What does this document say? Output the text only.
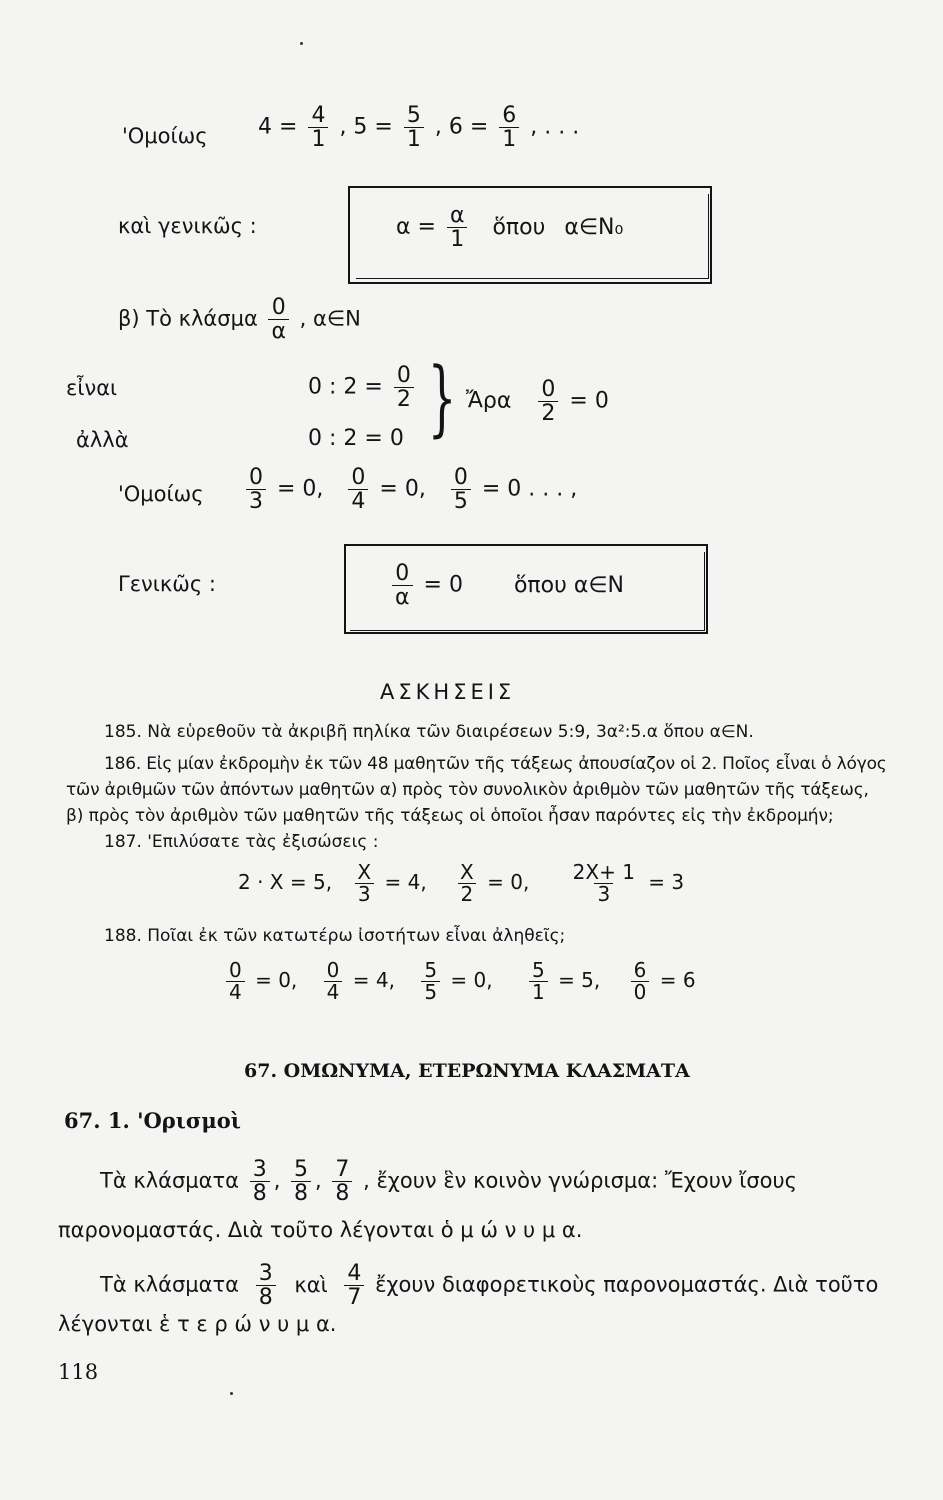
'Ομοίως $4 = \frac{4}{1}$ , $5 = \frac{5}{1}$ , $6 = \frac{6}{1}$ , . . .
καὶ γενικῶς :	$\alpha = \frac{\alpha}{1}$ ὅπου α∈N₀
β) Τὸ κλάσμα $\frac{0}{\alpha}$ , α∈N
εἶναι	0 : $2 = \frac{0}{2}$
ἀλλὰ	0 : 2 = 0 } Ἄρα $\frac{0}{2} = 0$
'$O\mu oί\omega\varsigma \frac{0}{3} = 0$, $\frac{0}{4} = 0$, $\frac{0}{5} = 0$ . . . ,
Γενικῶς :	$\frac{0}{\alpha} = 0$ ὅπου α∈N
ΑΣΚΗΣΕΙΣ
185. Νὰ εὑρεθοῦν τὰ ἀκριβῆ πηλίκα τῶν διαιρέσεων 5:9, 3α²:5.α ὅπου α∈N.
186. Εἰς μίαν ἐκδρομὴν ἐκ τῶν 48 μαθητῶν τῆς τάξεως ἀπουσίαζον οἱ 2. Ποῖος εἶναι ὁ λόγος
τῶν ἀριθμῶν τῶν ἀπόντων μαθητῶν α) πρὸς τὸν συνολικὸν ἀριθμὸν τῶν μαθητῶν τῆς τάξεως,
β) πρὸς τὸν ἀριθμὸν τῶν μαθητῶν τῆς τάξεως οἱ ὁποῖοι ἦσαν παρόντες εἰς τὴν ἐκδρομήν;
187. 'Επιλύσατε τὰς ἐξισώσεις :
2 · X = 5, $\frac{X}{3} = 4$, $\frac{X}{2} = 0$, $\frac{2X+ 1}{3} = 3$
188. Ποῖαι ἐκ τῶν κατωτέρω ἰσοτήτων εἶναι ἀληθεῖς;
$\frac{0}{4} = 0$, $\frac{0}{4} = 4$, $\frac{5}{5} = 0$, $\frac{5}{1} = 5$, $\frac{6}{0} = 6$
67. ΟΜΩΝΥΜΑ, ΕΤΕΡΩΝΥΜΑ ΚΛΑΣΜΑΤΑ
67. 1. 'Ορισμοὶ
Τὰ κλάσματα $\frac{3}{8}$ , $\frac{5}{8}$ , $\frac{7}{8}$ , ἔχουν ἓν κοινὸν γνώρισμα: Ἔχουν ἴσους
παρονομαστάς. Διὰ τοῦτο λέγονται ὁ μ ώ ν υ μ α.
Τὰ κλάσματα $\frac{3}{8}$ καὶ $\frac{4}{7}$ ἔχουν διαφορετικοὺς παρονομαστάς. Διὰ τοῦτο
λέγονται ἑ τ ε ρ ώ ν υ μ α.
118
